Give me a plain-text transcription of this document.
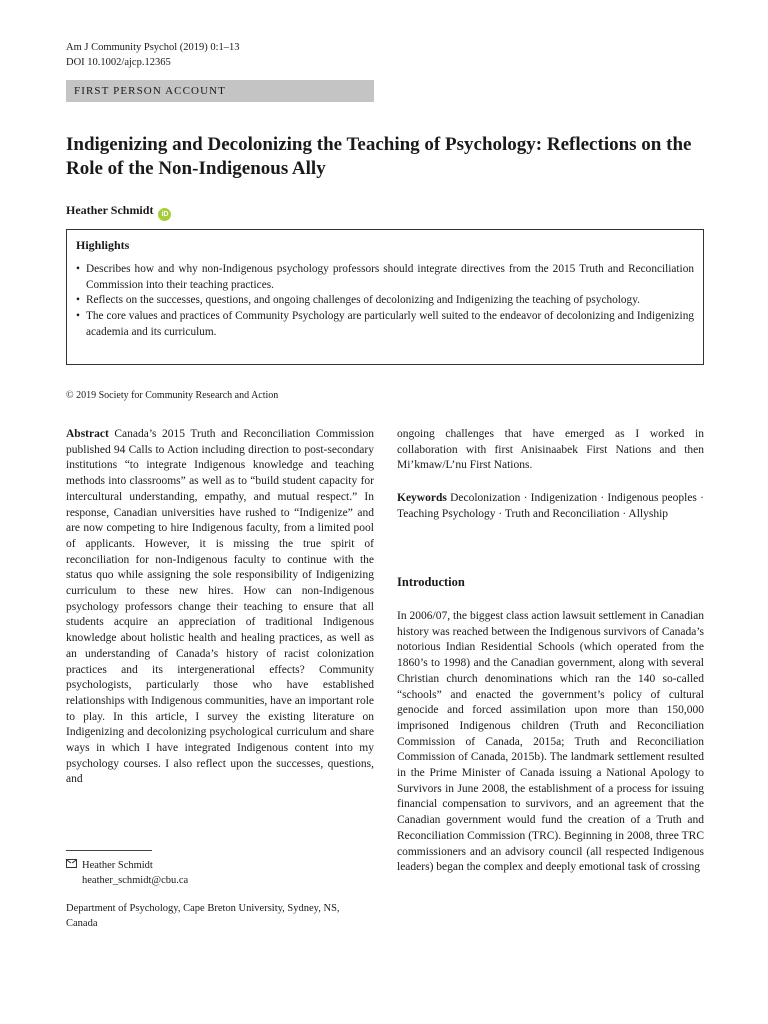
Am J Community Psychol (2019) 0:1–13
DOI 10.1002/ajcp.12365
FIRST PERSON ACCOUNT
Indigenizing and Decolonizing the Teaching of Psychology: Reflections on the Role of the Non-Indigenous Ally
Heather Schmidt iD
Highlights
• Describes how and why non-Indigenous psychology professors should integrate directives from the 2015 Truth and Reconciliation Commission into their teaching practices.
• Reflects on the successes, questions, and ongoing challenges of decolonizing and Indigenizing the teaching of psychology.
• The core values and practices of Community Psychology are particularly well suited to the endeavor of decolonizing and Indigenizing academia and its curriculum.
© 2019 Society for Community Research and Action

Abstract Canada’s 2015 Truth and Reconciliation Commission published 94 Calls to Action including direction to post-secondary institutions “to integrate Indigenous knowledge and teaching methods into classrooms” as well as to “build student capacity for intercultural understanding, empathy, and mutual respect.” In response, Canadian universities have rushed to “Indigenize” and are now competing to hire Indigenous faculty, from a limited pool of applicants. However, it is missing the true spirit of reconciliation for non-Indigenous faculty to continue with the status quo while assigning the sole responsibility of Indigenizing curriculum to these new hires. How can non-Indigenous psychology professors change their teaching to ensure that all students acquire an appreciation of traditional Indigenous knowledge about holistic health and healing practices, as well as an understanding of Canada’s history of racist colonization practices and its intergenerational effects? Community psychologists, particularly those who have established relationships with Indigenous communities, have an important role to play. In this article, I survey the existing literature on Indigenizing and decolonizing psychological curriculum and share ways in which I have integrated Indigenous content into my psychology courses. I also reflect upon the successes, questions, and

ongoing challenges that have emerged as I worked in collaboration with first Anisinaabek First Nations and then Mi’kmaw/L’nu First Nations.

Keywords Decolonization · Indigenization · Indigenous peoples · Teaching Psychology · Truth and Reconciliation · Allyship

Introduction

In 2006/07, the biggest class action lawsuit settlement in Canadian history was reached between the Indigenous survivors of Canada’s notorious Indian Residential Schools (which operated from the 1860’s to 1998) and the Canadian government, along with several Christian church denominations which ran the 140 so-called “schools” and enacted the government’s policy of cultural genocide and forced assimilation upon more than 150,000 imprisoned Indigenous children (Truth and Reconciliation Commission of Canada, 2015a; Truth and Reconciliation Commission of Canada, 2015b). The landmark settlement resulted in the Prime Minister of Canada issuing a National Apology to Survivors in June 2008, the establishment of a process for issuing financial compensation to survivors, and an agreement that the Canadian government would fund the creation of a Truth and Reconciliation Commission (TRC). Beginning in 2008, three TRC commissioners and an advisory council (all respected Indigenous leaders) began the complex and deeply emotional task of crossing

Heather Schmidt
heather_schmidt@cbu.ca
Department of Psychology, Cape Breton University, Sydney, NS, Canada
